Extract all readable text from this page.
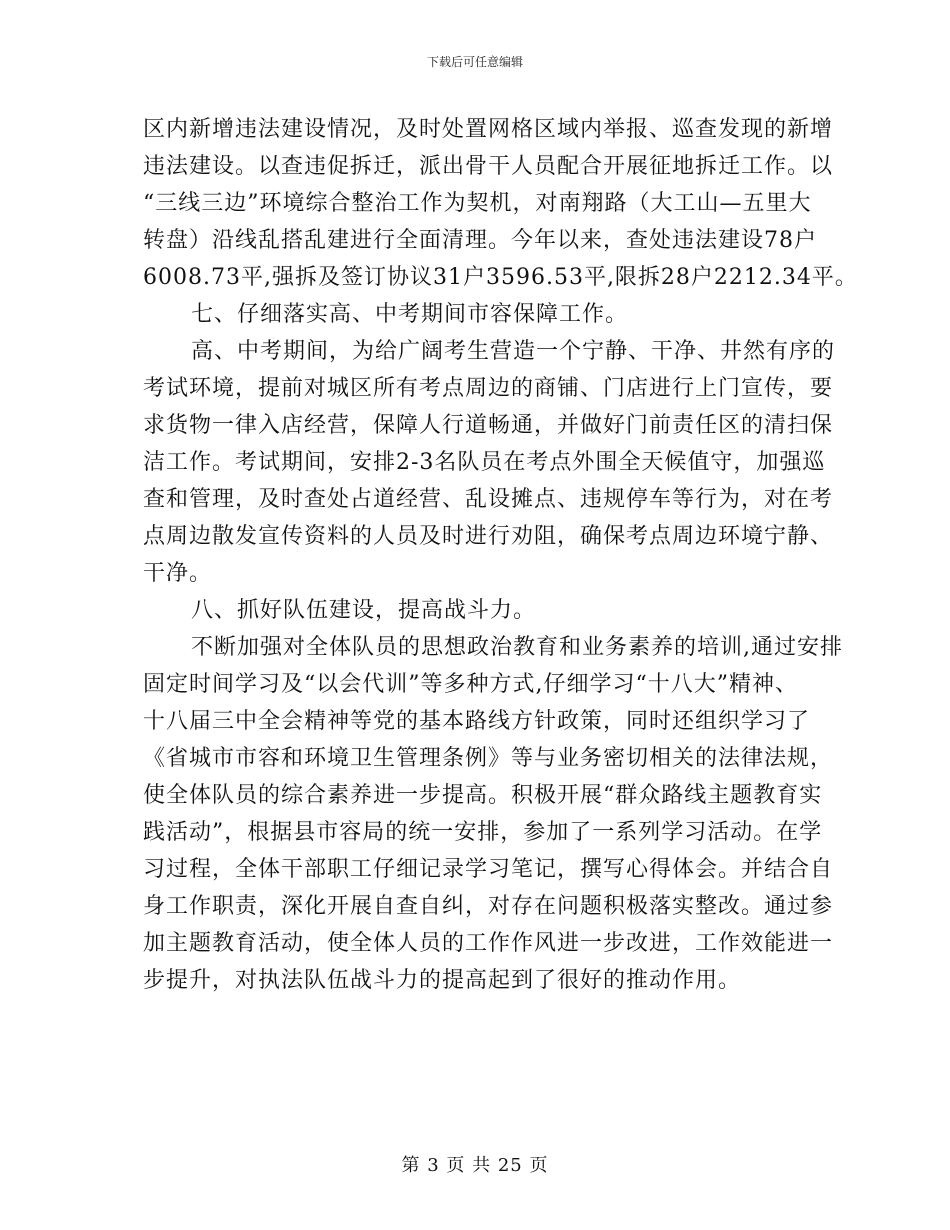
下载后可任意编辑

区内新增违法建设情况，及时处置网格区域内举报、巡查发现的新增
违法建设。以查违促拆迁，派出骨干人员配合开展征地拆迁工作。以
“三线三边”环境综合整治工作为契机，对南翔路（大工山—五里大
转盘）沿线乱搭乱建进行全面清理。今年以来，查处违法建设78户
6008.73平,强拆及签订协议31户3596.53平,限拆28户2212.34平。

七、仔细落实高、中考期间市容保障工作。

高、中考期间，为给广阔考生营造一个宁静、干净、井然有序的
考试环境，提前对城区所有考点周边的商铺、门店进行上门宣传，要
求货物一律入店经营，保障人行道畅通，并做好门前责任区的清扫保
洁工作。考试期间，安排2-3名队员在考点外围全天候值守，加强巡
查和管理，及时查处占道经营、乱设摊点、违规停车等行为，对在考
点周边散发宣传资料的人员及时进行劝阻，确保考点周边环境宁静、
干净。

八、抓好队伍建设，提高战斗力。

不断加强对全体队员的思想政治教育和业务素养的培训,通过安排
固定时间学习及“以会代训”等多种方式,仔细学习“十八大”精神、
十八届三中全会精神等党的基本路线方针政策，同时还组织学习了
《省城市市容和环境卫生管理条例》等与业务密切相关的法律法规，
使全体队员的综合素养进一步提高。积极开展“群众路线主题教育实
践活动”，根据县市容局的统一安排，参加了一系列学习活动。在学
习过程，全体干部职工仔细记录学习笔记，撰写心得体会。并结合自
身工作职责，深化开展自查自纠，对存在问题积极落实整改。通过参
加主题教育活动，使全体人员的工作作风进一步改进，工作效能进一
步提升，对执法队伍战斗力的提高起到了很好的推动作用。

第 3 页 共 25 页
